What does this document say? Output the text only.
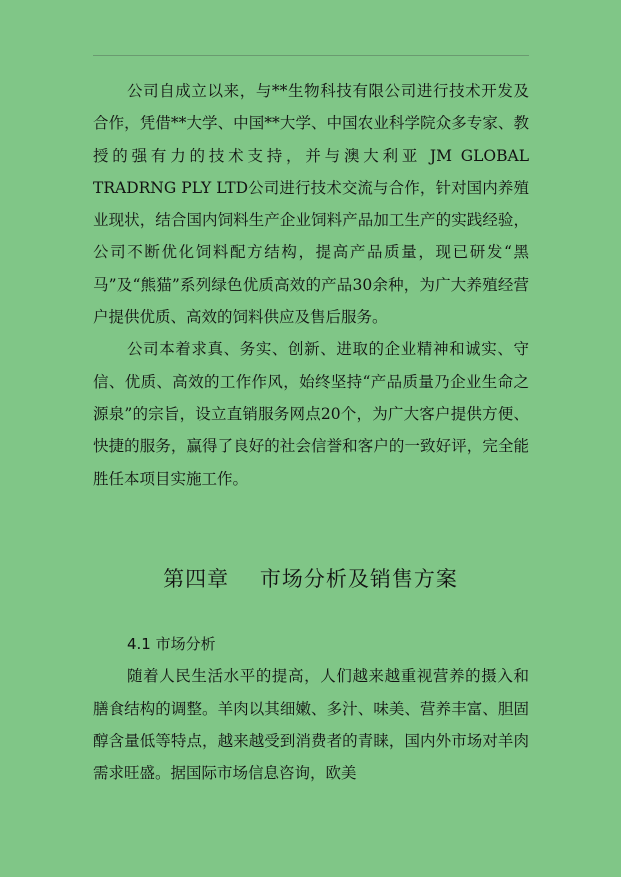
公司自成立以来，与**生物科技有限公司进行技术开发及合作，凭借**大学、中国**大学、中国农业科学院众多专家、教授的强有力的技术支持，并与澳大利亚 JM GLOBAL TRADRNG PLY LTD公司进行技术交流与合作，针对国内养殖业现状，结合国内饲料生产企业饲料产品加工生产的实践经验，公司不断优化饲料配方结构，提高产品质量，现已研发“黑马”及“熊猫”系列绿色优质高效的产品30余种，为广大养殖经营户提供优质、高效的饲料供应及售后服务。

公司本着求真、务实、创新、进取的企业精神和诚实、守信、优质、高效的工作作风，始终坚持“产品质量乃企业生命之源泉”的宗旨，设立直销服务网点20个，为广大客户提供方便、快捷的服务，赢得了良好的社会信誉和客户的一致好评，完全能胜任本项目实施工作。

第四章    市场分析及销售方案

4.1 市场分析

随着人民生活水平的提高，人们越来越重视营养的摄入和膳食结构的调整。羊肉以其细嫩、多汁、味美、营养丰富、胆固醇含量低等特点，越来越受到消费者的青睐，国内外市场对羊肉需求旺盛。据国际市场信息咨询，欧美
